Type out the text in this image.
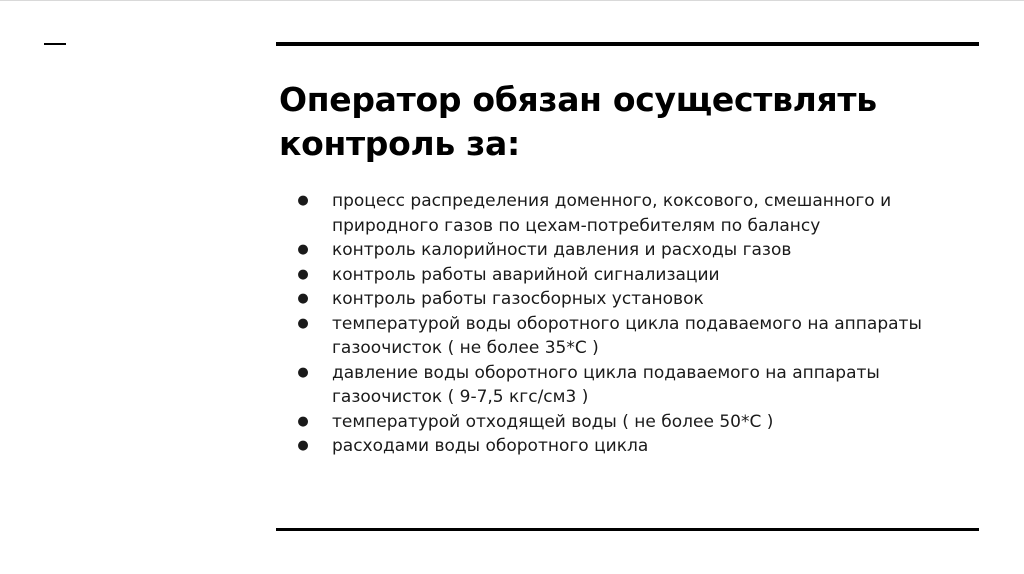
Оператор обязан осуществлять контроль за:
● процесс распределения доменного, коксового, смешанного и природного газов по цехам-потребителям по балансу
● контроль калорийности давления и расходы газов
● контроль работы аварийной сигнализации
● контроль работы газосборных установок
● температурой воды оборотного цикла подаваемого на аппараты газоочисток ( не более 35*С )
● давление воды оборотного цикла подаваемого на аппараты газоочисток ( 9-7,5 кгс/см3 )
● температурой отходящей воды ( не более 50*С )
● расходами воды оборотного цикла
